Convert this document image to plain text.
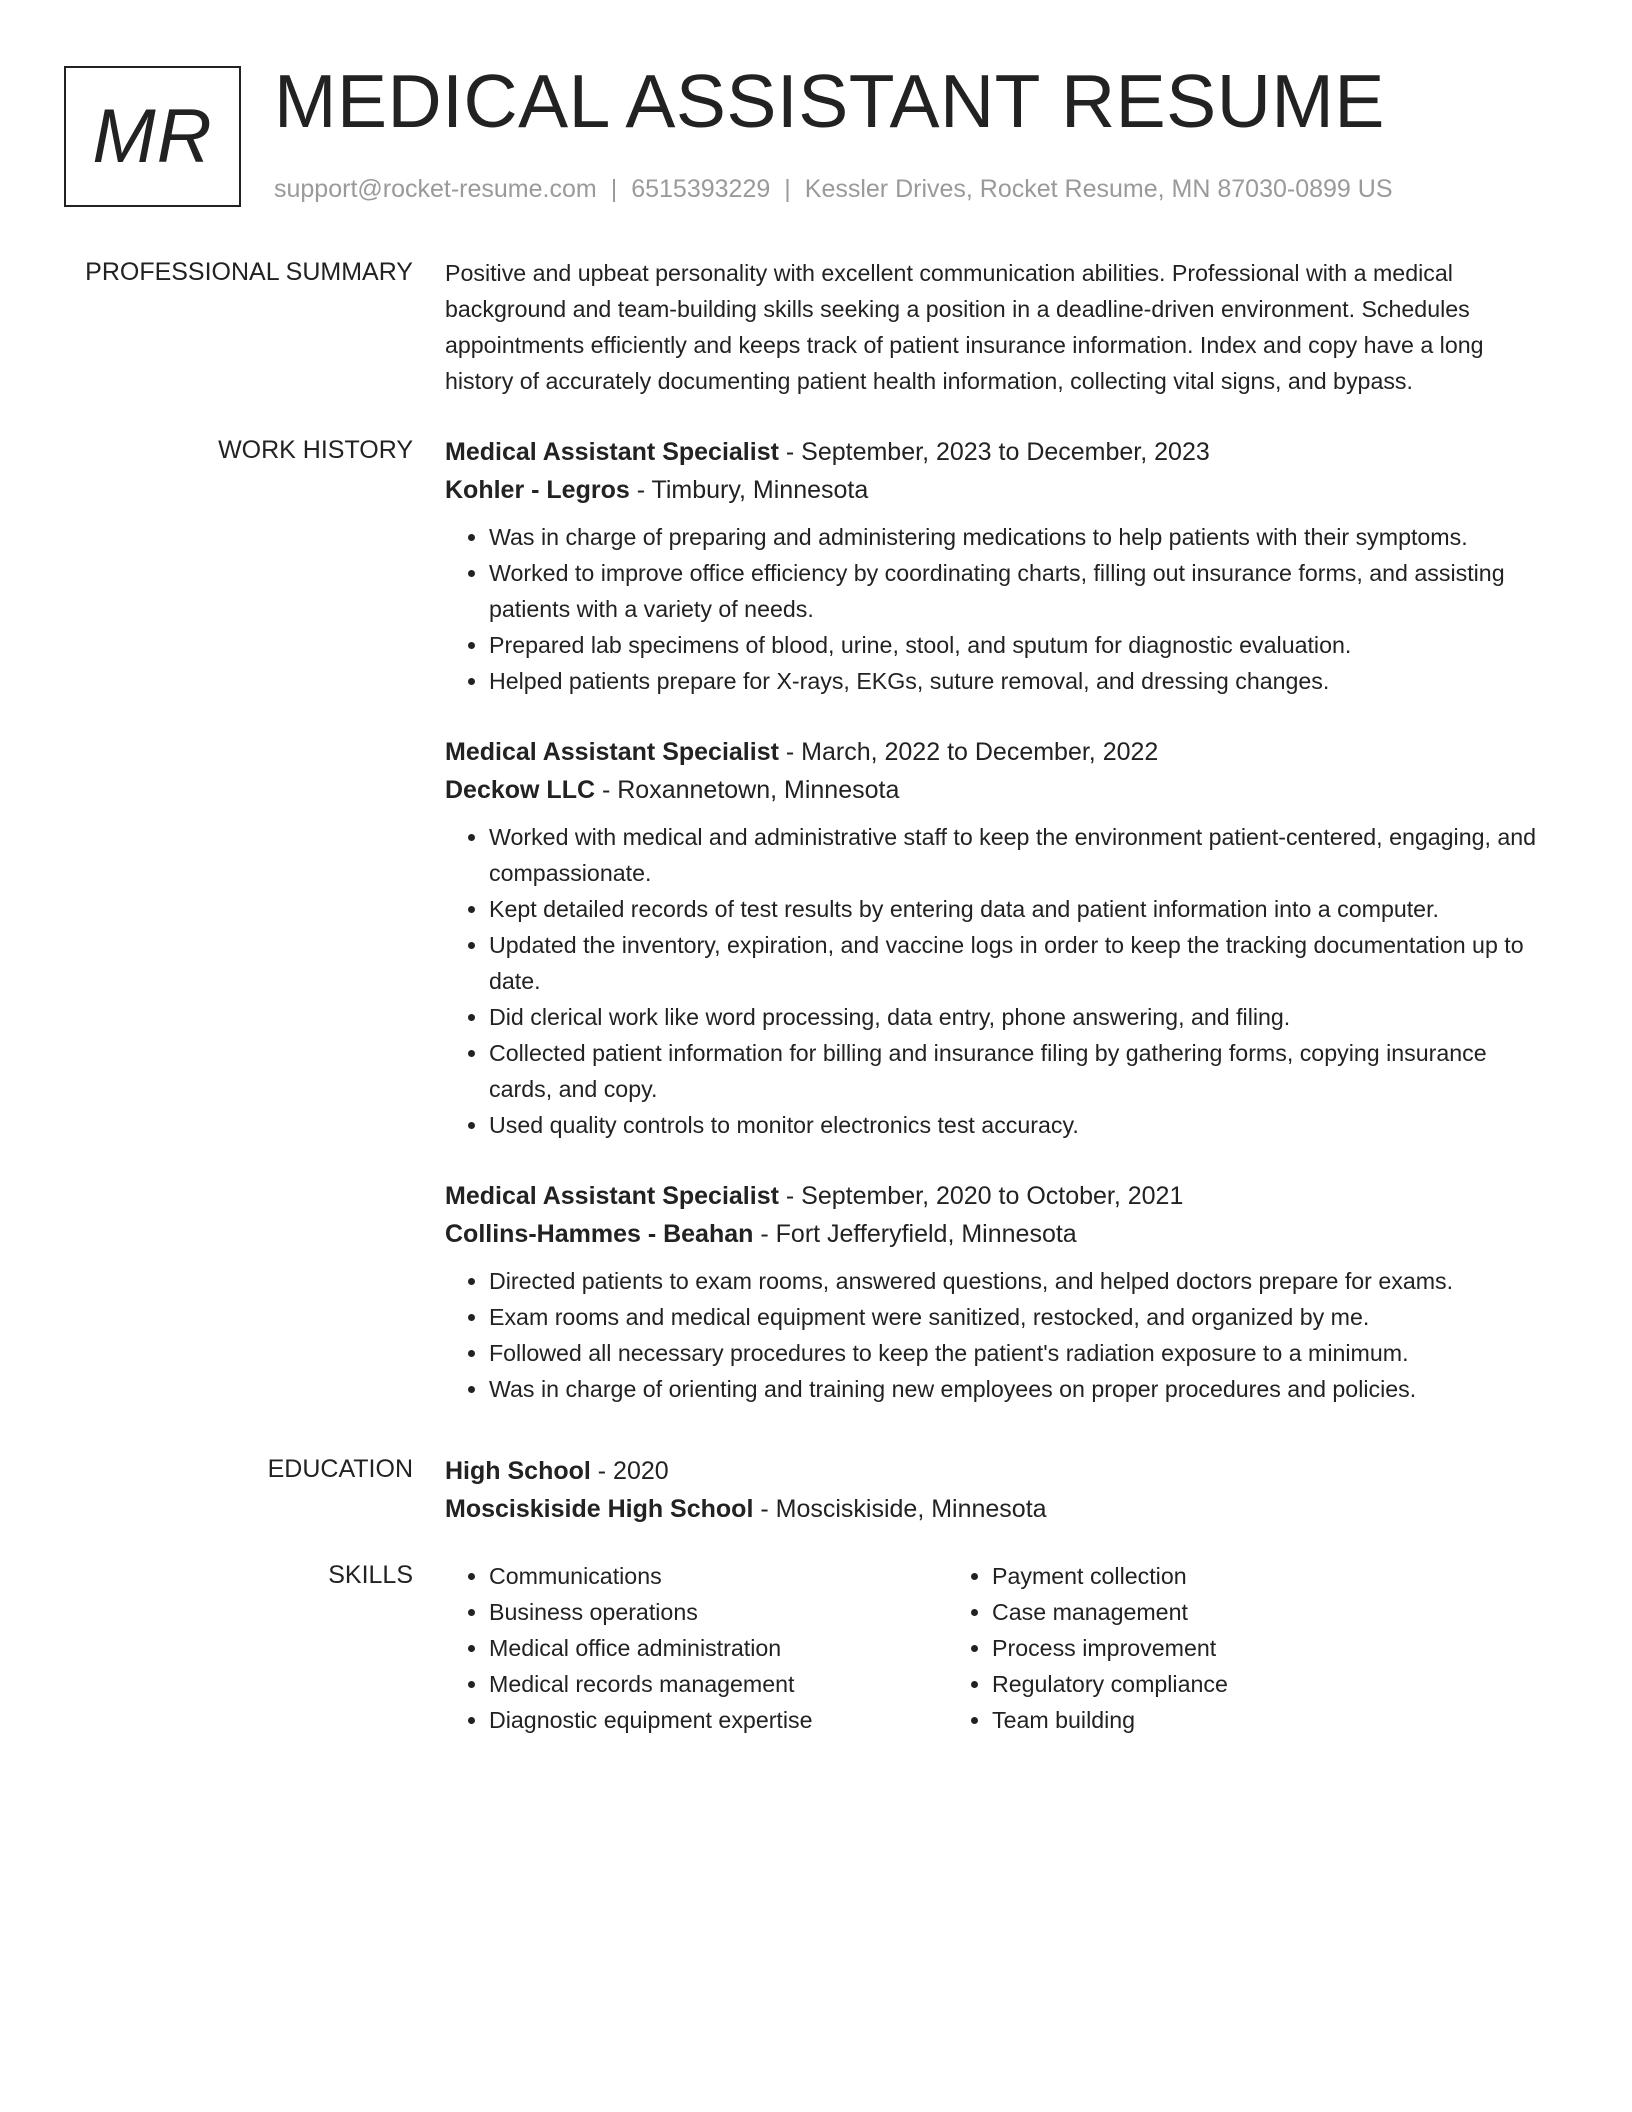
MR MEDICAL ASSISTANT RESUME
support@rocket-resume.com | 6515393229 | Kessler Drives, Rocket Resume, MN 87030-0899 US
PROFESSIONAL SUMMARY Positive and upbeat personality with excellent communication abilities. Professional with a medical background and team-building skills seeking a position in a deadline-driven environment. Schedules appointments efficiently and keeps track of patient insurance information. Index and copy have a long history of accurately documenting patient health information, collecting vital signs, and bypass.

WORK HISTORY Medical Assistant Specialist - September, 2023 to December, 2023
Kohler - Legros - Timbury, Minnesota
• Was in charge of preparing and administering medications to help patients with their symptoms.
• Worked to improve office efficiency by coordinating charts, filling out insurance forms, and assisting patients with a variety of needs.
• Prepared lab specimens of blood, urine, stool, and sputum for diagnostic evaluation.
• Helped patients prepare for X-rays, EKGs, suture removal, and dressing changes.
Medical Assistant Specialist - March, 2022 to December, 2022
Deckow LLC - Roxannetown, Minnesota
• Worked with medical and administrative staff to keep the environment patient-centered, engaging, and compassionate.
• Kept detailed records of test results by entering data and patient information into a computer.
• Updated the inventory, expiration, and vaccine logs in order to keep the tracking documentation up to date.
• Did clerical work like word processing, data entry, phone answering, and filing.
• Collected patient information for billing and insurance filing by gathering forms, copying insurance cards, and copy.
• Used quality controls to monitor electronics test accuracy.
Medical Assistant Specialist - September, 2020 to October, 2021
Collins-Hammes - Beahan - Fort Jefferyfield, Minnesota
• Directed patients to exam rooms, answered questions, and helped doctors prepare for exams.
• Exam rooms and medical equipment were sanitized, restocked, and organized by me.
• Followed all necessary procedures to keep the patient's radiation exposure to a minimum.
• Was in charge of orienting and training new employees on proper procedures and policies.
EDUCATION High School - 2020
Mosciskiside High School - Mosciskiside, Minnesota
SKILLS
•	Communications
• Business operations
• Medical office administration
• Medical records management
• Diagnostic equipment expertise
• Payment collection
• Case management
• Process improvement
• Regulatory compliance
• Team building
